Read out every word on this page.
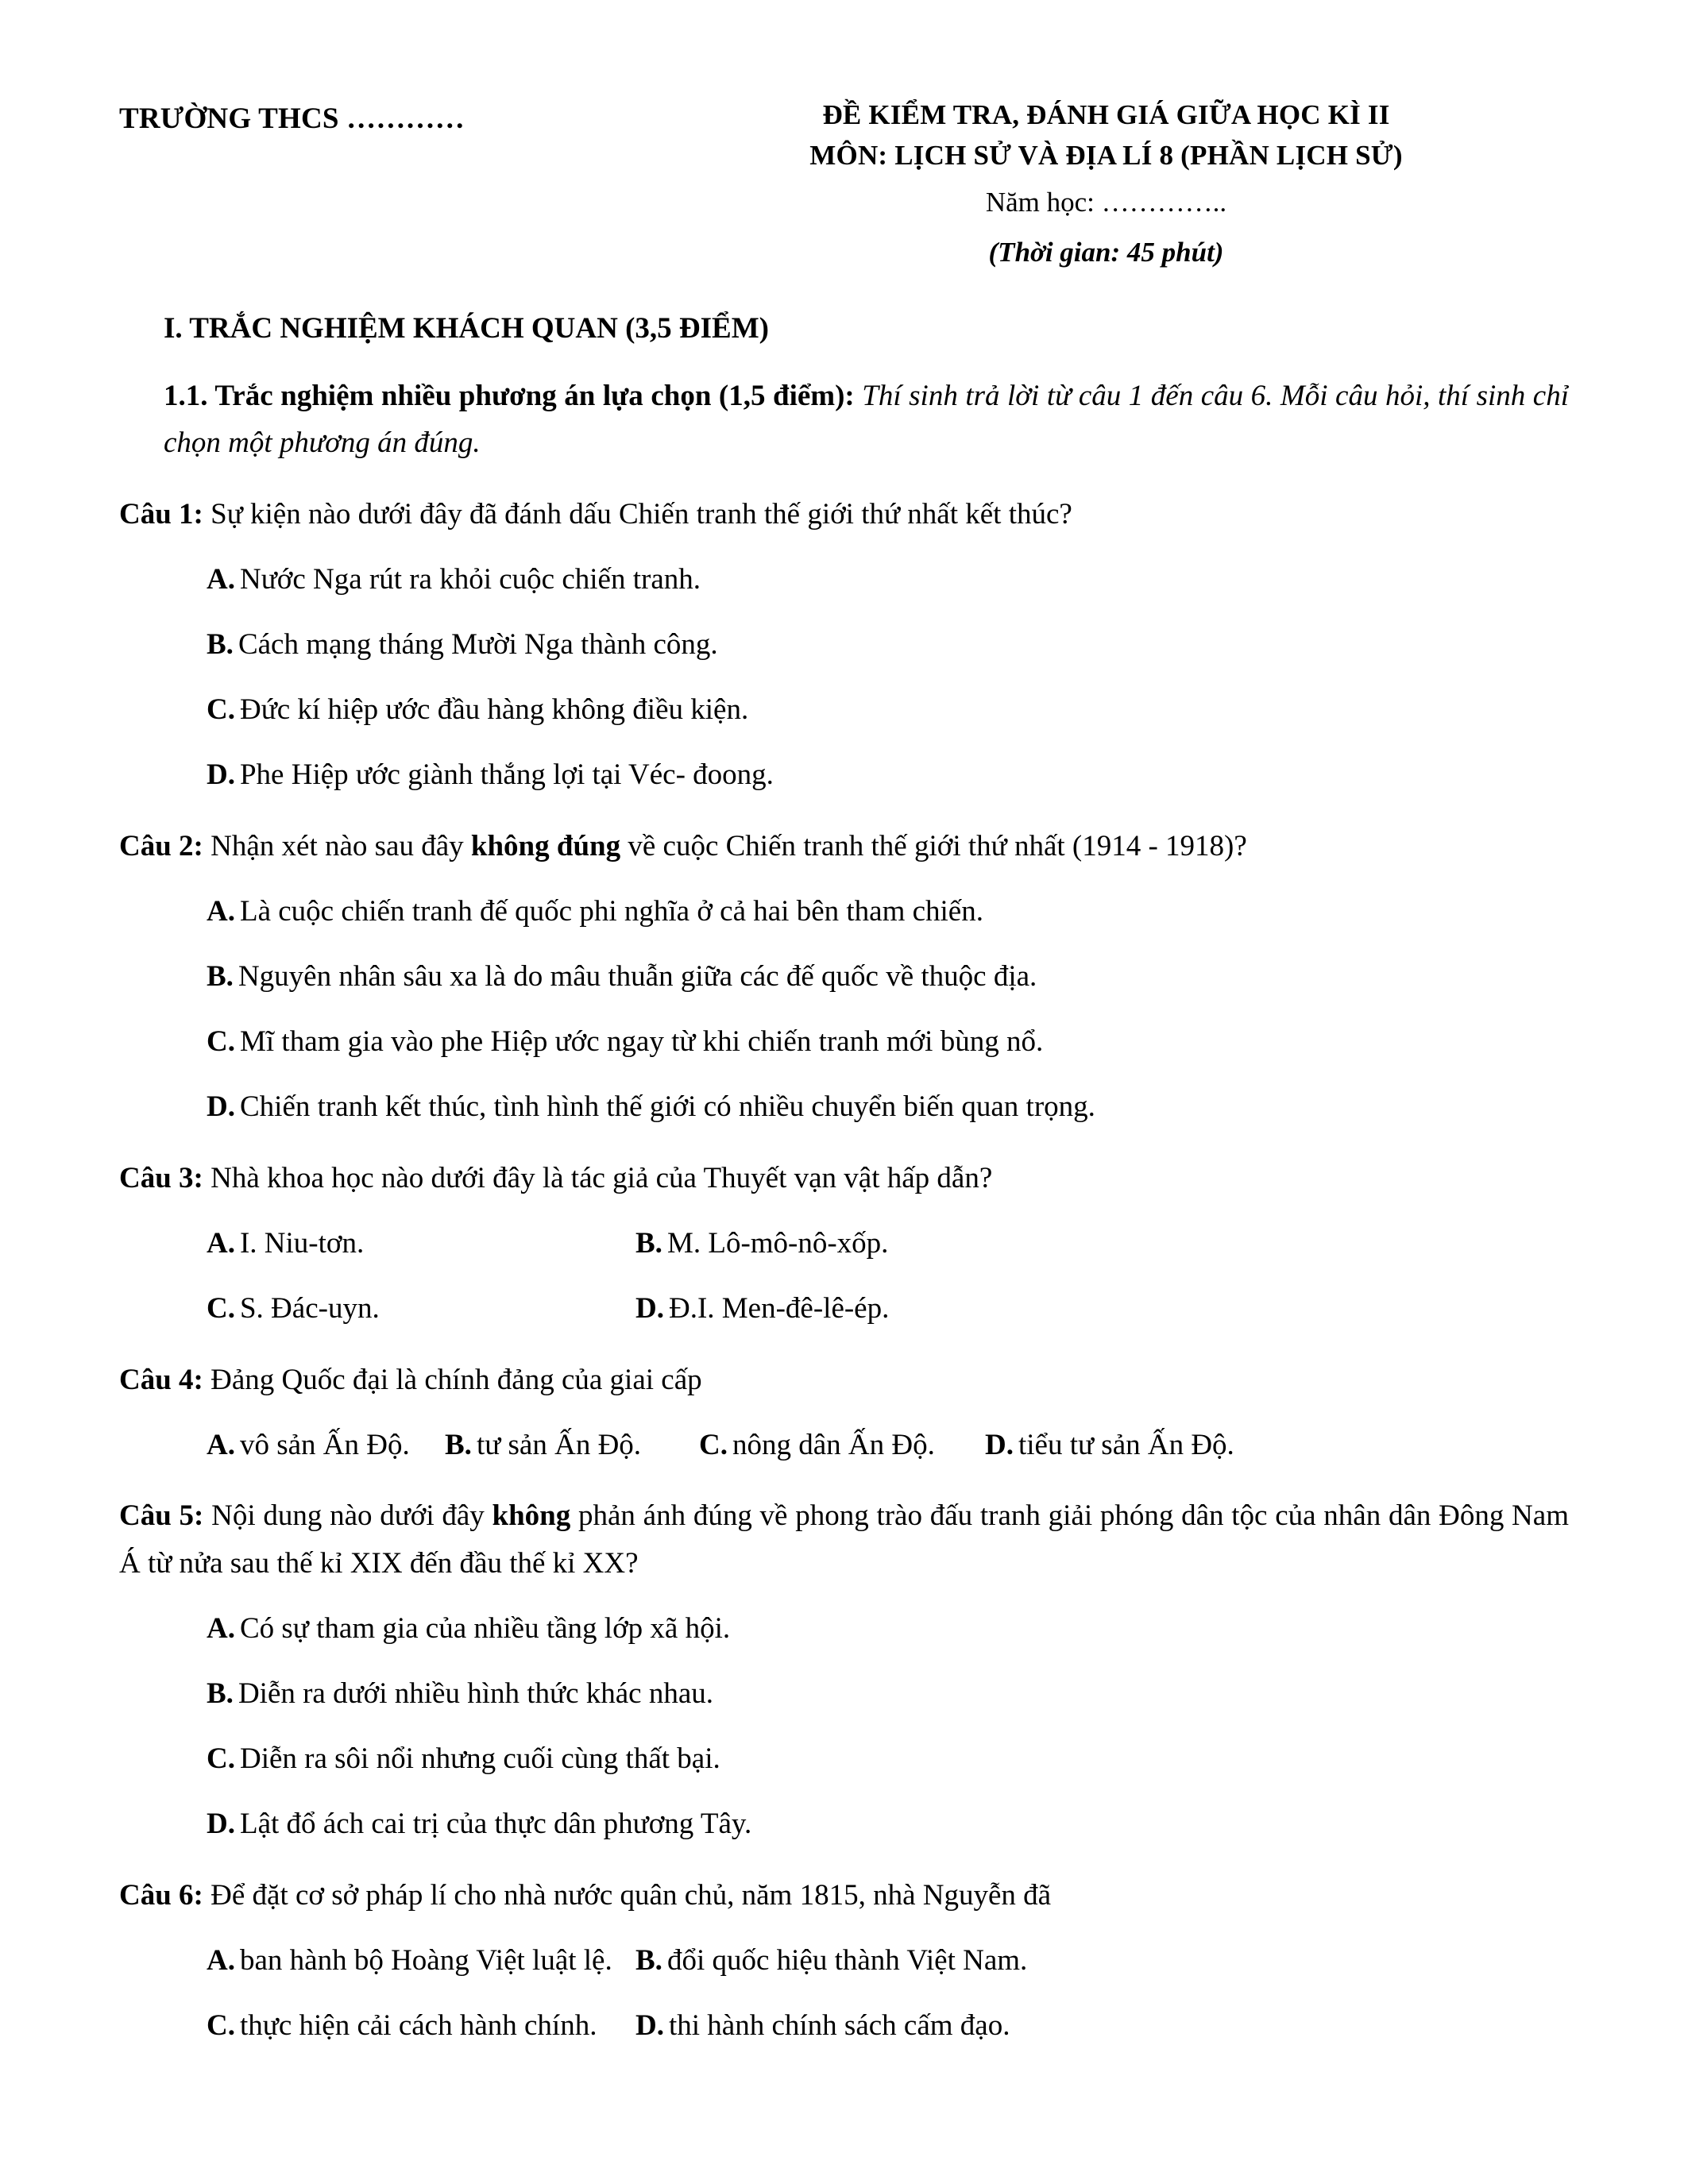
TRƯỜNG THCS …………	ĐỀ KIỂM TRA, ĐÁNH GIÁ GIỮA HỌC KÌ II
MÔN: LỊCH SỬ VÀ ĐỊA LÍ 8 (PHẦN LỊCH SỬ)
Năm học: …………..
(Thời gian: 45 phút)
I. TRẮC NGHIỆM KHÁCH QUAN (3,5 ĐIỂM)
1.1. Trắc nghiệm nhiều phương án lựa chọn (1,5 điểm): Thí sinh trả lời từ câu 1 đến câu 6. Mỗi câu hỏi, thí sinh chỉ chọn một phương án đúng.
Câu 1: Sự kiện nào dưới đây đã đánh dấu Chiến tranh thế giới thứ nhất kết thúc?
A. Nước Nga rút ra khỏi cuộc chiến tranh.
B. Cách mạng tháng Mười Nga thành công.
C. Đức kí hiệp ước đầu hàng không điều kiện.
D. Phe Hiệp ước giành thắng lợi tại Véc- đoong.
Câu 2: Nhận xét nào sau đây không đúng về cuộc Chiến tranh thế giới thứ nhất (1914 - 1918)?
A. Là cuộc chiến tranh đế quốc phi nghĩa ở cả hai bên tham chiến.
B. Nguyên nhân sâu xa là do mâu thuẫn giữa các đế quốc về thuộc địa.
C. Mĩ tham gia vào phe Hiệp ước ngay từ khi chiến tranh mới bùng nổ.
D. Chiến tranh kết thúc, tình hình thế giới có nhiều chuyển biến quan trọng.
Câu 3: Nhà khoa học nào dưới đây là tác giả của Thuyết vạn vật hấp dẫn?
A. I. Niu-tơn.	B. M. Lô-mô-nô-xốp.
C. S. Đác-uyn.	D. Đ.I. Men-đê-lê-ép.
Câu 4: Đảng Quốc đại là chính đảng của giai cấp
A. vô sản Ấn Độ.	B. tư sản Ấn Độ.	C. nông dân Ấn Độ.	D. tiểu tư sản Ấn Độ.
Câu 5: Nội dung nào dưới đây không phản ánh đúng về phong trào đấu tranh giải phóng dân tộc của nhân dân Đông Nam Á từ nửa sau thế kỉ XIX đến đầu thế kỉ XX?
A. Có sự tham gia của nhiều tầng lớp xã hội.
B. Diễn ra dưới nhiều hình thức khác nhau.
C. Diễn ra sôi nổi nhưng cuối cùng thất bại.
D. Lật đổ ách cai trị của thực dân phương Tây.
Câu 6: Để đặt cơ sở pháp lí cho nhà nước quân chủ, năm 1815, nhà Nguyễn đã
A. ban hành bộ Hoàng Việt luật lệ. B. đổi quốc hiệu thành Việt Nam.
C. thực hiện cải cách hành chính.	D. thi hành chính sách cấm đạo.
